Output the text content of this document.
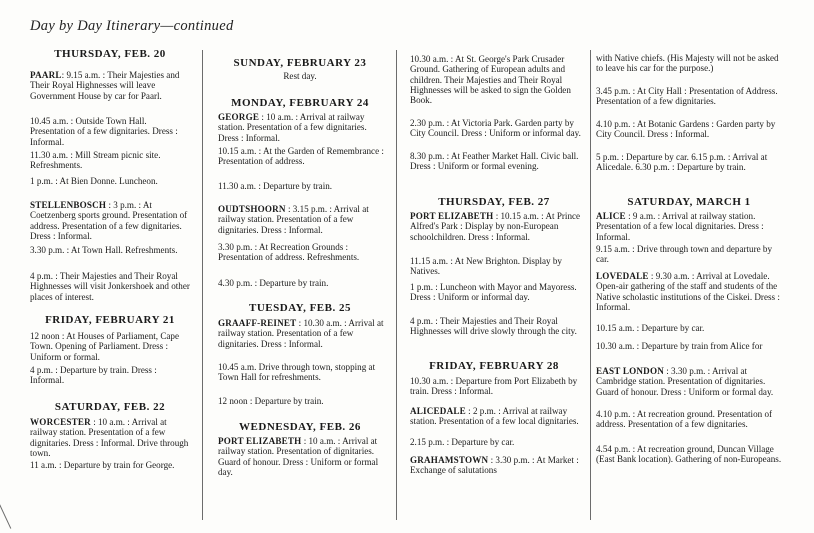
Day by Day Itinerary—continued
THURSDAY, FEB. 20
PAARL: 9.15 a.m. : Their Majesties and Their Royal Highnesses will leave Government House by car for Paarl.
10.45 a.m. : Outside Town Hall. Presentation of a few dignitaries. Dress : Informal.
11.30 a.m. : Mill Stream picnic site. Refreshments.
1 p.m. : At Bien Donne. Luncheon.
STELLENBOSCH : 3 p.m. : At Coetzenberg sports ground. Presentation of address. Presentation of a few dignitaries. Dress : Informal.
3.30 p.m. : At Town Hall. Refreshments.
4 p.m. : Their Majesties and Their Royal Highnesses will visit Jonkershoek and other places of interest.
FRIDAY, FEBRUARY 21
12 noon : At Houses of Parliament, Cape Town. Opening of Parliament. Dress : Uniform or formal.
4 p.m. : Departure by train. Dress : Informal.
SATURDAY, FEB. 22
WORCESTER : 10 a.m. : Arrival at railway station. Presentation of a few dignitaries. Dress : Informal. Drive through town.
11 a.m. : Departure by train for George.
SUNDAY, FEBRUARY 23
Rest day.
MONDAY, FEBRUARY 24
GEORGE : 10 a.m. : Arrival at railway station. Presentation of a few dignitaries. Dress : Informal.
10.15 a.m. : At the Garden of Remembrance : Presentation of address.
11.30 a.m. : Departure by train.
OUDTSHOORN : 3.15 p.m. : Arrival at railway station. Presentation of a few dignitaries. Dress : Informal.
3.30 p.m. : At Recreation Grounds : Presentation of address. Refreshments.
4.30 p.m. : Departure by train.
TUESDAY, FEB. 25
GRAAFF-REINET : 10.30 a.m. : Arrival at railway station. Presentation of a few dignitaries. Dress : Informal.
10.45 a.m. Drive through town, stopping at Town Hall for refreshments.
12 noon : Departure by train.
WEDNESDAY, FEB. 26
PORT ELIZABETH : 10 a.m. : Arrival at railway station. Presentation of dignitaries. Guard of honour. Dress : Uniform or formal day.
10.30 a.m. : At St. George's Park Crusader Ground. Gathering of European adults and children. Their Majesties and Their Royal Highnesses will be asked to sign the Golden Book.
2.30 p.m. : At Victoria Park. Garden party by City Council. Dress : Uniform or informal day.
8.30 p.m. : At Feather Market Hall. Civic ball. Dress : Uniform or formal evening.
THURSDAY, FEB. 27
PORT ELIZABETH : 10.15 a.m. : At Prince Alfred's Park : Display by non-European schoolchildren. Dress : Informal.
11.15 a.m. : At New Brighton. Display by Natives.
1 p.m. : Luncheon with Mayor and Mayoress. Dress : Uniform or informal day.
4 p.m. : Their Majesties and Their Royal Highnesses will drive slowly through the city.
FRIDAY, FEBRUARY 28
10.30 a.m. : Departure from Port Elizabeth by train. Dress : Informal.
ALICEDALE : 2 p.m. : Arrival at railway station. Presentation of a few local dignitaries.
2.15 p.m. : Departure by car.
GRAHAMSTOWN : 3.30 p.m. : At Market : Exchange of salutations
with Native chiefs. (His Majesty will not be asked to leave his car for the purpose.)
3.45 p.m. : At City Hall : Presentation of Address. Presentation of a few dignitaries.
4.10 p.m. : At Botanic Gardens : Garden party by City Council. Dress : Informal.
5 p.m. : Departure by car. 6.15 p.m. : Arrival at Alicedale. 6.30 p.m. : Departure by train.
SATURDAY, MARCH 1
ALICE : 9 a.m. : Arrival at railway station. Presentation of a few local dignitaries. Dress : Informal.
9.15 a.m. : Drive through town and departure by car.
LOVEDALE : 9.30 a.m. : Arrival at Lovedale. Open-air gathering of the staff and students of the Native scholastic institutions of the Ciskei. Dress : Informal.
10.15 a.m. : Departure by car.
10.30 a.m. : Departure by train from Alice for
EAST LONDON : 3.30 p.m. : Arrival at Cambridge station. Presentation of dignitaries. Guard of honour. Dress : Uniform or formal day.
4.10 p.m. : At recreation ground. Presentation of address. Presentation of a few dignitaries.
4.54 p.m. : At recreation ground, Duncan Village (East Bank location). Gathering of non-Europeans.
